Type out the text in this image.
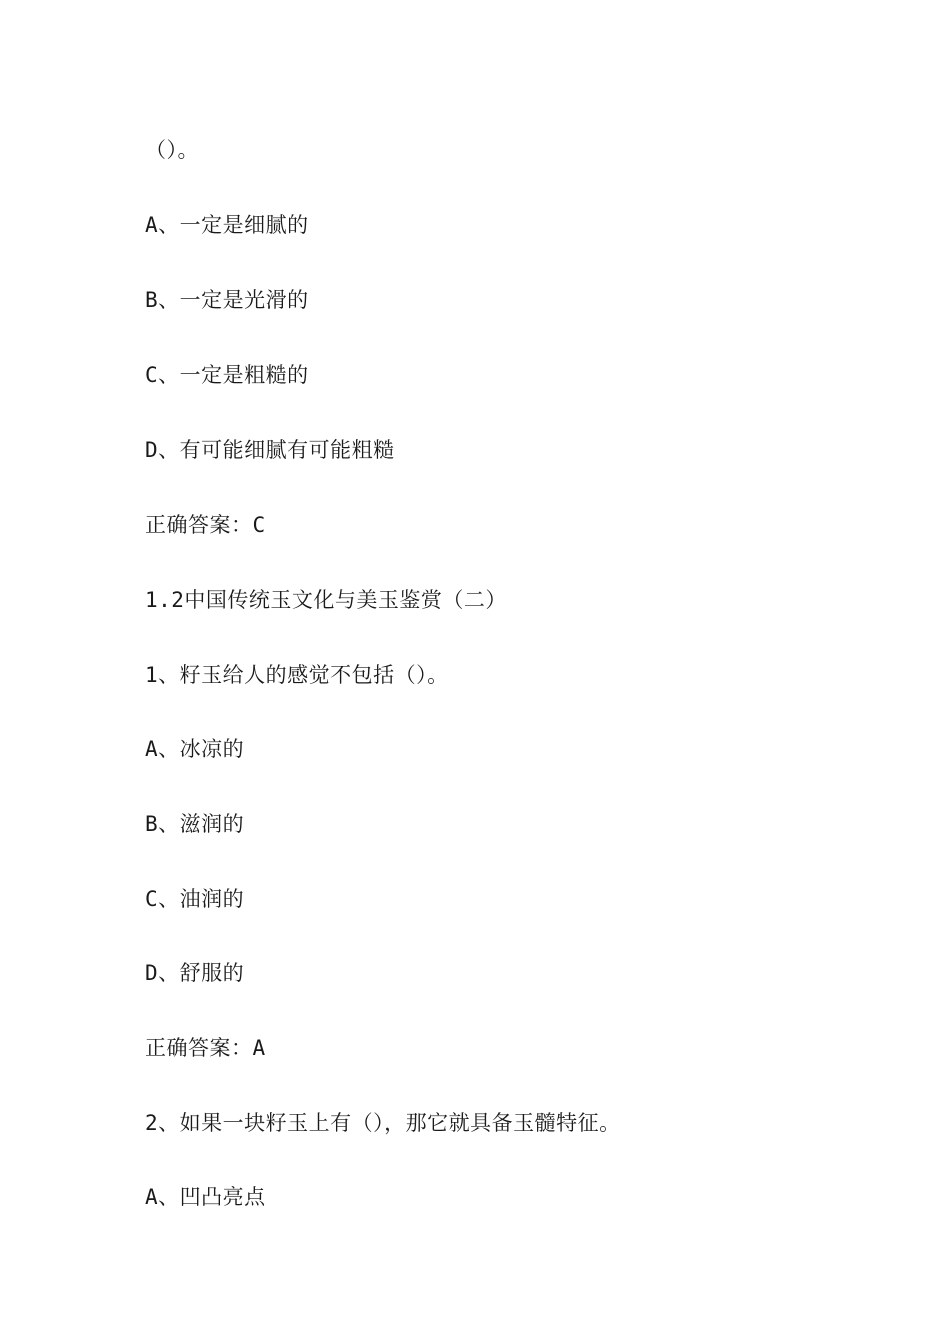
（）。
A、一定是细腻的
B、一定是光滑的
C、一定是粗糙的
D、有可能细腻有可能粗糙
正确答案：C
1.2中国传统玉文化与美玉鉴赏（二）
1、籽玉给人的感觉不包括（）。
A、冰凉的
B、滋润的
C、油润的
D、舒服的
正确答案：A
2、如果一块籽玉上有（），那它就具备玉髓特征。
A、凹凸亮点
